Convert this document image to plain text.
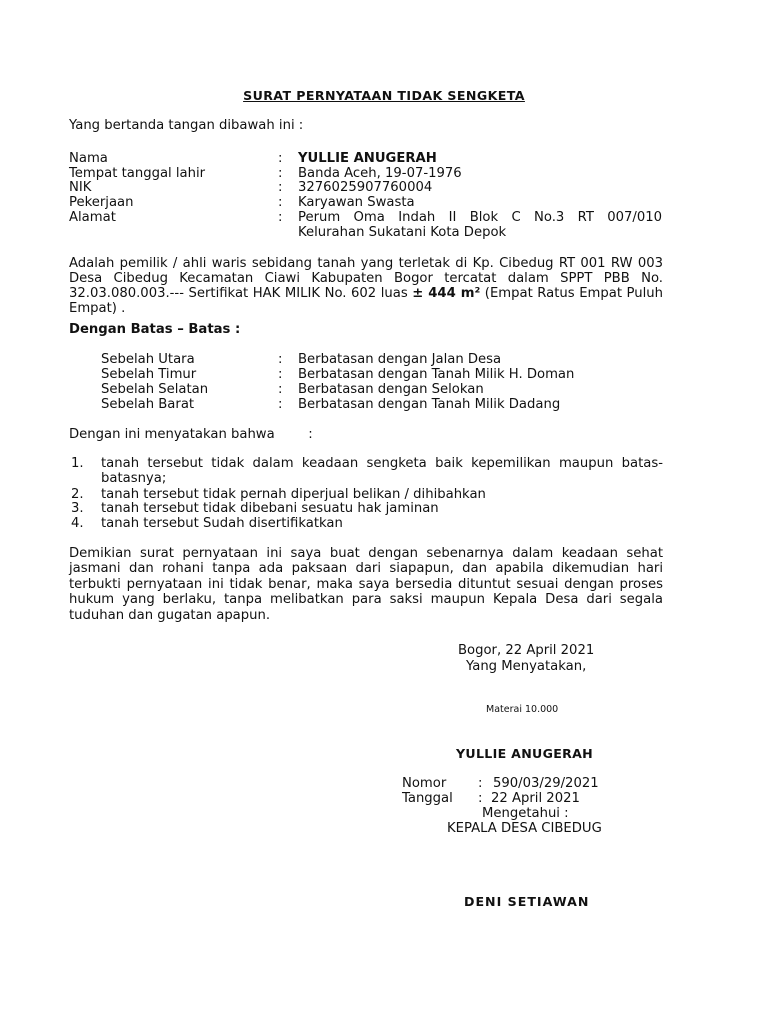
SURAT PERNYATAAN TIDAK SENGKETA
Yang bertanda tangan dibawah ini :
Nama	: YULLIE ANUGERAH
Tempat tanggal lahir	: Banda Aceh, 19-07-1976
NIK	: 3276025907760004
Pekerjaan	: Karyawan Swasta
Alamat	: Perum Oma Indah II Blok C No.3 RT 007/010
Kelurahan Sukatani Kota Depok
Adalah pemilik / ahli waris sebidang tanah yang terletak di Kp. Cibedug RT 001 RW 003 Desa Cibedug Kecamatan Ciawi Kabupaten Bogor tercatat dalam SPPT PBB No. 32.03.080.003.--- Sertifikat HAK MILIK No. 602 luas ± 444 m² (Empat Ratus Empat Puluh Empat) .
Dengan Batas – Batas :
Sebelah Utara	: Berbatasan dengan Jalan Desa
Sebelah Timur	: Berbatasan dengan Tanah Milik H. Doman
Sebelah Selatan	: Berbatasan dengan Selokan
Sebelah Barat	: Berbatasan dengan Tanah Milik Dadang
Dengan ini menyatakan bahwa        :
1. tanah tersebut tidak dalam keadaan sengketa baik kepemilikan maupun batas-batasnya;
2. tanah tersebut tidak pernah diperjual belikan / dihibahkan
3. tanah tersebut tidak dibebani sesuatu hak jaminan
4. tanah tersebut Sudah disertifikatkan
Demikian surat pernyataan ini saya buat dengan sebenarnya dalam keadaan sehat jasmani dan rohani tanpa ada paksaan dari siapapun, dan apabila dikemudian hari terbukti pernyataan ini tidak benar, maka saya bersedia dituntut sesuai dengan proses hukum yang berlaku, tanpa melibatkan para saksi maupun Kepala Desa dari segala tuduhan dan gugatan apapun.
Bogor, 22 April 2021
Yang Menyatakan,
Materai 10.000
YULLIE ANUGERAH
Nomor : 590/03/29/2021
Tanggal : 22 April 2021
Mengetahui :
KEPALA DESA CIBEDUG
DENI SETIAWAN
